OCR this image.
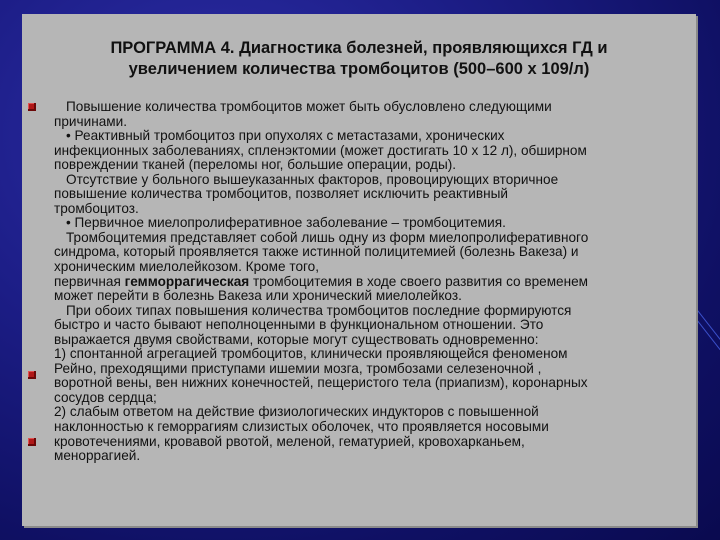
ПРОГРАММА 4. Диагностика болезней, проявляющихся ГД и
увеличением количества тромбоцитов (500–600 х 109/л)
Повышение количества тромбоцитов может быть обусловлено следующими
причинами.
• Реактивный тромбоцитоз при опухолях с метастазами, хронических
инфекционных заболеваниях, спленэктомии (может достигать 10 х 12 л), обширном
повреждении тканей (переломы ног, большие операции, роды).
Отсутствие у больного вышеуказанных факторов, провоцирующих вторичное
повышение количества тромбоцитов, позволяет исключить реактивный
тромбоцитоз.
• Первичное миелопролиферативное заболевание – тромбоцитемия.
Тромбоцитемия представляет собой лишь одну из форм миелопролиферативного
синдрома, который проявляется также истинной полицитемией (болезнь Вакеза) и
хроническим миелолейкозом. Кроме того,
первичная гемморрагическая тромбоцитемия в ходе своего развития со временем
может перейти в болезнь Вакеза или хронический миелолейкоз.
При обоих типах повышения количества тромбоцитов последние формируются
быстро и часто бывают неполноценными в функциональном отношении. Это
выражается двумя свойствами, которые могут существовать одновременно:
1) спонтанной агрегацией тромбоцитов, клинически проявляющейся феноменом
Рейно, преходящими приступами ишемии мозга, тромбозами селезеночной ,
воротной вены, вен нижних конечностей, пещеристого тела (приапизм), коронарных
сосудов сердца;
2) слабым ответом на действие физиологических индукторов с повышенной
наклонностью к геморрагиям слизистых оболочек, что проявляется носовыми
кровотечениями, кровавой рвотой, меленой, гематурией, кровохарканьем,
меноррагией.
